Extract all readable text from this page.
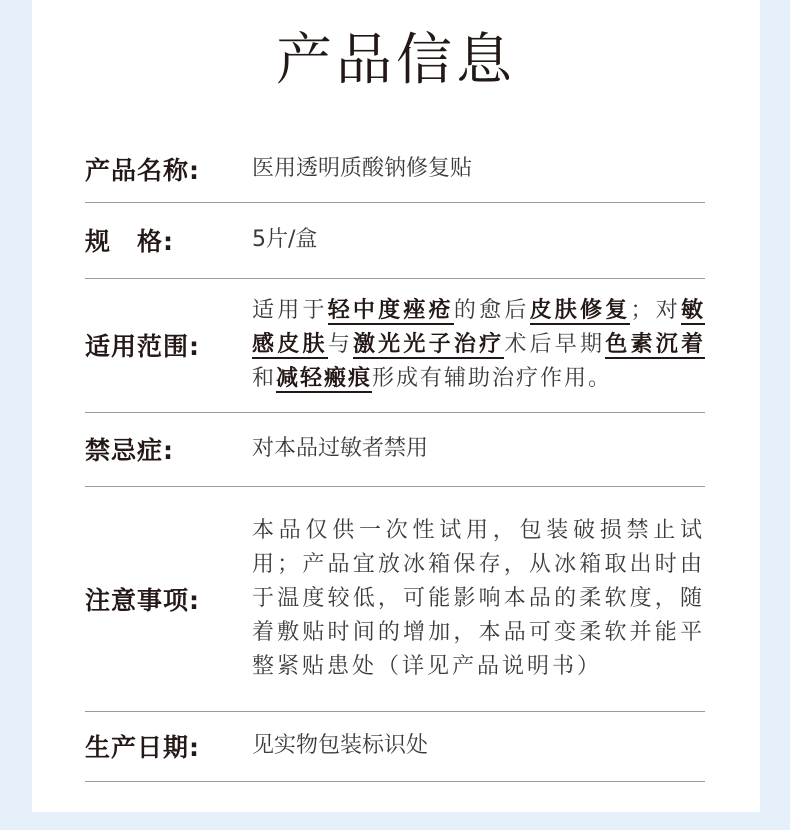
产品信息
产品名称:	医用透明质酸钠修复贴
规　格:	5片/盒
适用范围:
适用于轻中度痤疮的愈后皮肤修复；对敏感皮肤与激光光子治疗术后早期色素沉着和减轻瘢痕形成有辅助治疗作用。
禁忌症:	对本品过敏者禁用
注意事项:
本品仅供一次性试用，包装破损禁止试用；产品宜放冰箱保存，从冰箱取出时由于温度较低，可能影响本品的柔软度，随着敷贴时间的增加，本品可变柔软并能平整紧贴患处（详见产品说明书）
生产日期:	见实物包装标识处
